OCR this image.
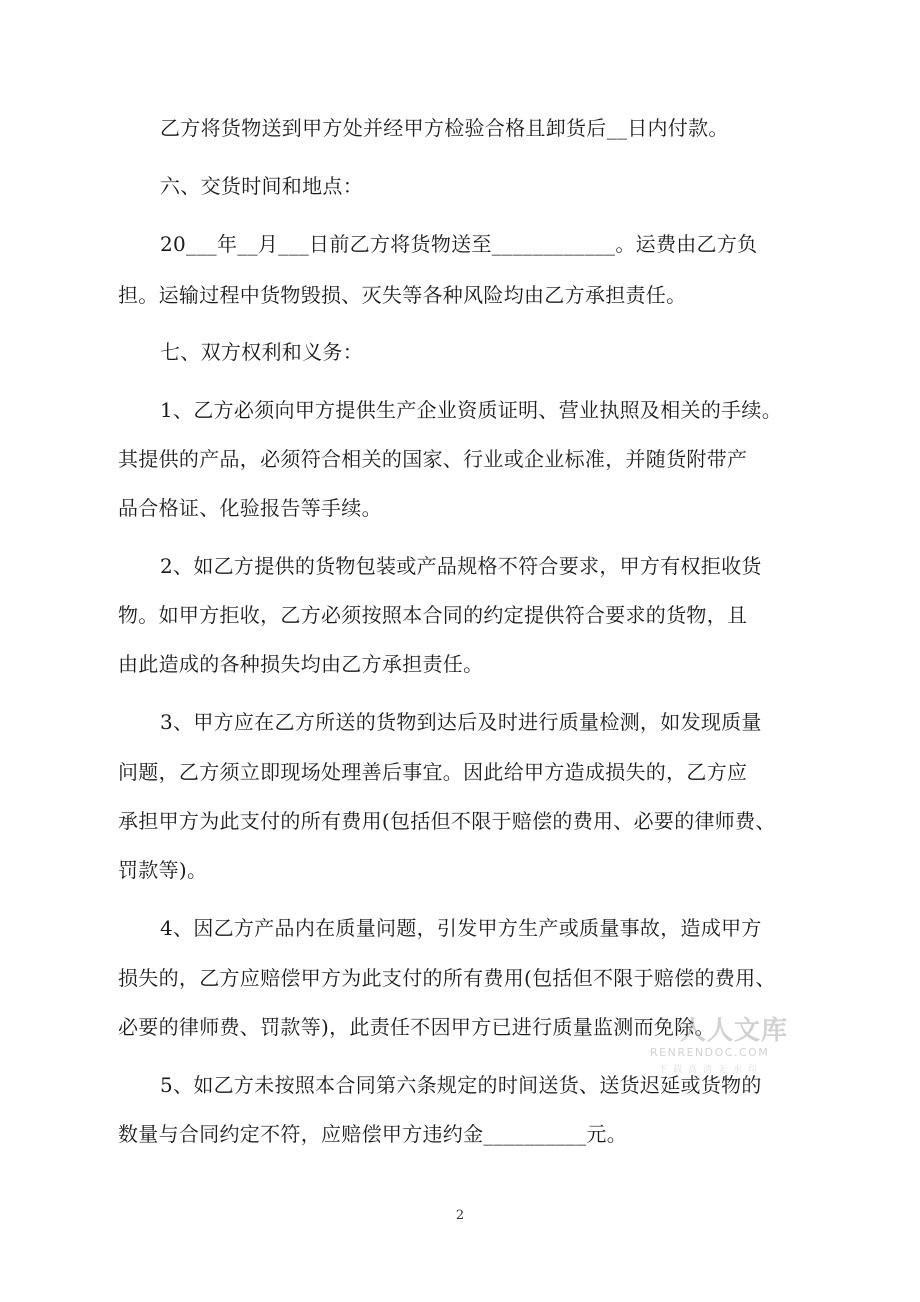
乙方将货物送到甲方处并经甲方检验合格且卸货后__日内付款。
六、交货时间和地点：
20___年__月___日前乙方将货物送至____________。运费由乙方负
担。运输过程中货物毁损、灭失等各种风险均由乙方承担责任。
七、双方权利和义务：
1、乙方必须向甲方提供生产企业资质证明、营业执照及相关的手续。
其提供的产品，必须符合相关的国家、行业或企业标准，并随货附带产
品合格证、化验报告等手续。
2、如乙方提供的货物包装或产品规格不符合要求，甲方有权拒收货
物。如甲方拒收，乙方必须按照本合同的约定提供符合要求的货物，且
由此造成的各种损失均由乙方承担责任。
3、甲方应在乙方所送的货物到达后及时进行质量检测，如发现质量
问题，乙方须立即现场处理善后事宜。因此给甲方造成损失的，乙方应
承担甲方为此支付的所有费用(包括但不限于赔偿的费用、必要的律师费、
罚款等)。
4、因乙方产品内在质量问题，引发甲方生产或质量事故，造成甲方
损失的，乙方应赔偿甲方为此支付的所有费用(包括但不限于赔偿的费用、
必要的律师费、罚款等)，此责任不因甲方已进行质量监测而免除。
5、如乙方未按照本合同第六条规定的时间送货、送货迟延或货物的
数量与合同约定不符，应赔偿甲方违约金__________元。
人人文库
RENRENDOC.COM
下载高清无水印
2
